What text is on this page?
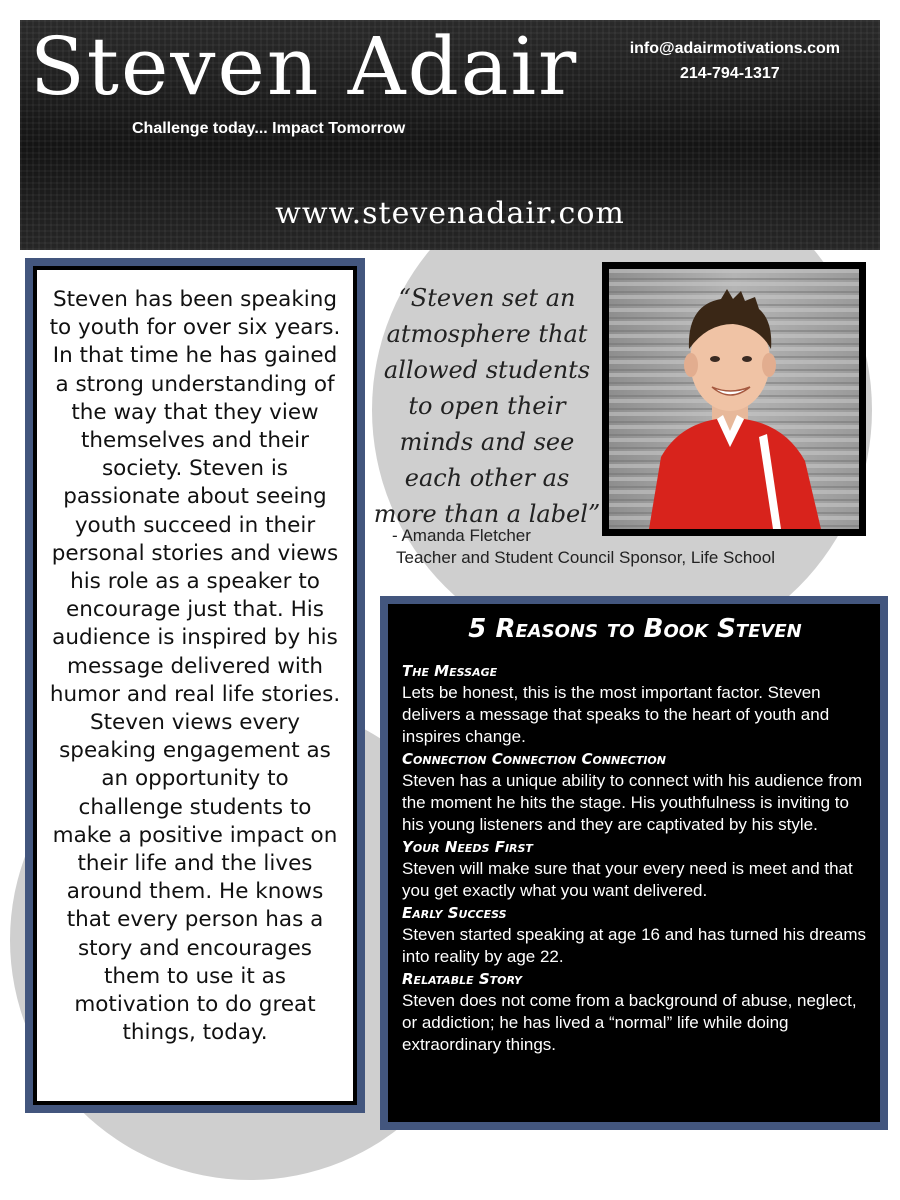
Steven Adair
Challenge today... Impact Tomorrow
info@adairmotivations.com
214-794-1317
www.stevenadair.com
Steven has been speaking to youth for over six years. In that time he has gained a strong understanding of the way that they view themselves and their society. Steven is passionate about seeing youth succeed in their personal stories and views his role as a speaker to encourage just that. His audience is inspired by his message delivered with humor and real life stories. Steven views every speaking engagement as an opportunity to challenge students to make a positive impact on their life and the lives around them. He knows that every person has a story and encourages them to use it as motivation to do great things, today.
“Steven set an atmosphere that allowed students to open their minds and see each other as more than a label”
- Amanda Fletcher
Teacher and Student Council Sponsor, Life School
5 Reasons to Book Steven
The Message
Lets be honest, this is the most important factor. Steven delivers a message that speaks to the heart of youth and inspires change.
Connection Connection Connection
Steven has a unique ability to connect with his audience from the moment he hits the stage. His youthfulness is inviting to his young listeners and they are captivated by his style.
Your Needs First
Steven will make sure that your every need is meet and that you get exactly what you want delivered.
Early Success
Steven started speaking at age 16 and has turned his dreams into reality by age 22.
Relatable Story
Steven does not come from a background of abuse, neglect, or addiction; he has lived a “normal” life while doing extraordinary things.
